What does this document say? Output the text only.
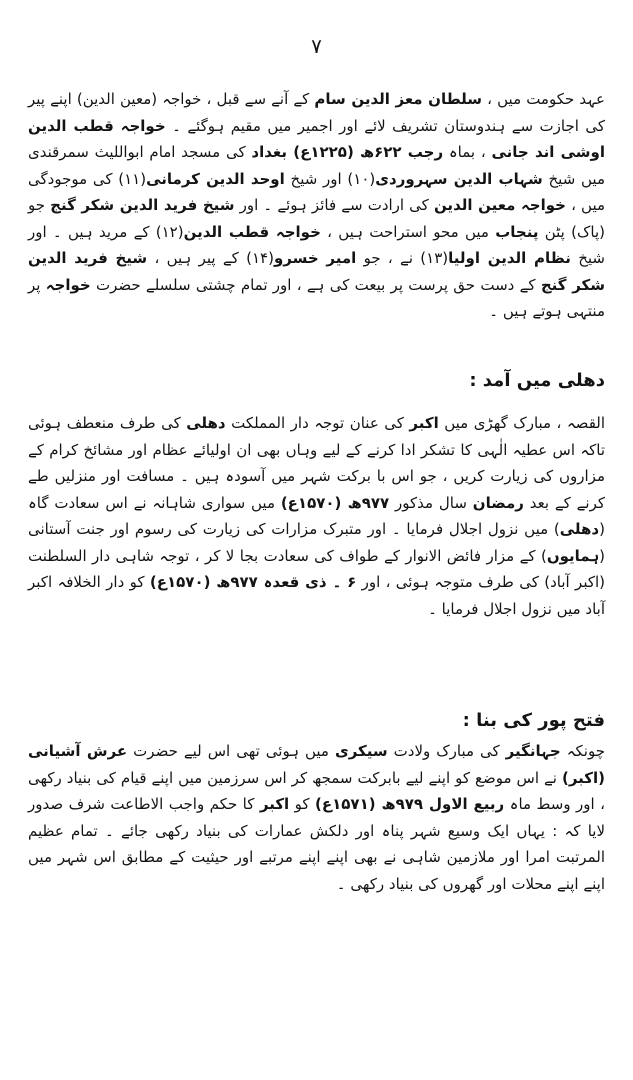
۷

عہد حکومت میں ، سلطان معز الدین سام کے آنے سے قبل ، خواجہ (معین الدین) اپنے پیر کی اجازت سے ہندوستان تشریف لائے اور اجمیر میں مقیم ہوگئے ۔ خواجہ قطب الدین اوشی اند جانی ، بماہ رجب ۶۲۲ھ (۱۲۲۵ع) بغداد کی مسجد امام ابواللیث سمرقندی میں شیخ شہاب الدین سہروردی(۱۰) اور شیخ اوحد الدین کرمانی(۱۱) کی موجودگی میں ، خواجہ معین الدین کی ارادت سے فائز ہوئے ۔ اور شیخ فرید الدین شکر گنج جو (پاک) پٹن پنجاب میں محو استراحت ہیں ، خواجہ قطب الدین(۱۲) کے مرید ہیں ۔ اور شیخ نظام الدین اولیا(۱۳) نے ، جو امیر خسرو(۱۴) کے پیر ہیں ، شیخ فرید الدین شکر گنج کے دست حق پرست پر بیعت کی ہے ، اور تمام چشتی سلسلے حضرت خواجہ پر منتہی ہوتے ہیں ۔

دهلی میں آمد :

القصہ ، مبارک گھڑی میں اکبر کی عنان توجہ دار المملکت دهلی کی طرف منعطف ہوئی تاکہ اس عطیہ الٰہی کا تشکر ادا کرنے کے لیے وہاں بھی ان اولیائے عظام اور مشائخ کرام کے مزاروں کی زیارت کریں ، جو اس با برکت شہر میں آسودہ ہیں ۔ مسافت اور منزلیں طے کرنے کے بعد رمضان سال مذکور ۹۷۷ھ (۱۵۷۰ع) میں سواری شاہانہ نے اس سعادت گاہ (دهلی) میں نزول اجلال فرمایا ۔ اور متبرک مزارات کی زیارت کی رسوم اور جنت آستانی (ہمایوں) کے مزار فائض الانوار کے طواف کی سعادت بجا لا کر ، توجہ شاہی دار السلطنت (اکبر آباد) کی طرف متوجہ ہوئی ، اور ۶ ۔ ذی قعدہ ۹۷۷ھ (۱۵۷۰ع) کو دار الخلافہ اکبر آباد میں نزول اجلال فرمایا ۔

فتح پور کی بنا :

چونکہ جہانگیر کی مبارک ولادت سیکری میں ہوئی تھی اس لیے حضرت عرش آشیانی (اکبر) نے اس موضع کو اپنے لیے بابرکت سمجھ کر اس سرزمین میں اپنے قیام کی بنیاد رکھی ، اور وسط ماہ ربیع الاول ۹۷۹ھ (۱۵۷۱ع) کو اکبر کا حکم واجب الاطاعت شرف صدور لایا کہ : یہاں ایک وسیع شہر پناہ اور دلکش عمارات کی بنیاد رکھی جائے ۔ تمام عظیم المرتبت امرا اور ملازمین شاہی نے بھی اپنے اپنے مرتبے اور حیثیت کے مطابق اس شہر میں اپنے اپنے محلات اور گھروں کی بنیاد رکھی ۔
